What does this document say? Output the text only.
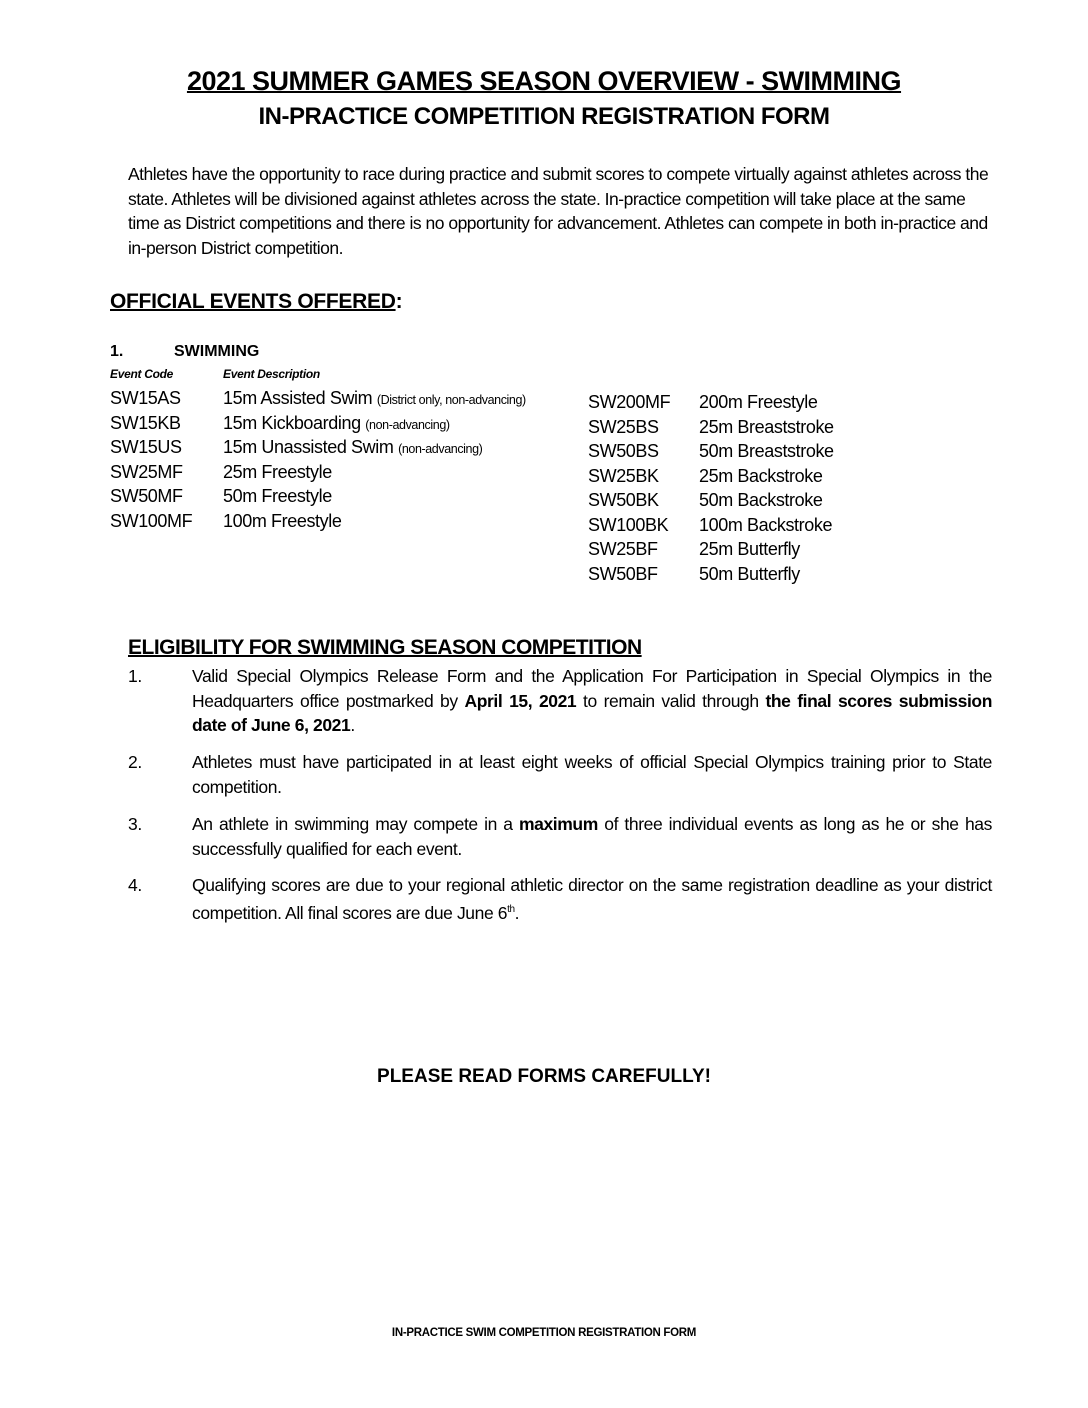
2021 SUMMER GAMES SEASON OVERVIEW - SWIMMING
IN-PRACTICE COMPETITION REGISTRATION FORM
Athletes have the opportunity to race during practice and submit scores to compete virtually against athletes across the state. Athletes will be divisioned against athletes across the state. In-practice competition will take place at the same time as District competitions and there is no opportunity for advancement. Athletes can compete in both in-practice and in-person District competition.
OFFICIAL EVENTS OFFERED:
1.	SWIMMING
Event Code	Event Description
SW15AS 15m Assisted Swim (District only, non-advancing)
SW15KB 15m Kickboarding (non-advancing)
SW15US 15m Unassisted Swim (non-advancing)
SW25MF 25m Freestyle
SW50MF 50m Freestyle
SW100MF 100m Freestyle
SW200MF 200m Freestyle
SW25BS 25m Breaststroke
SW50BS 50m Breaststroke
SW25BK 25m Backstroke
SW50BK 50m Backstroke
SW100BK 100m Backstroke
SW25BF 25m Butterfly
SW50BF 50m Butterfly
ELIGIBILITY FOR SWIMMING SEASON COMPETITION
1.	Valid Special Olympics Release Form and the Application For Participation in Special Olympics in the Headquarters office postmarked by April 15, 2021 to remain valid through the final scores submission date of June 6, 2021.
2.	Athletes must have participated in at least eight weeks of official Special Olympics training prior to State competition.
3.	An athlete in swimming may compete in a maximum of three individual events as long as he or she has successfully qualified for each event.
4.	Qualifying scores are due to your regional athletic director on the same registration deadline as your district competition. All final scores are due June 6th.
PLEASE READ FORMS CAREFULLY!
IN-PRACTICE SWIM COMPETITION REGISTRATION FORM
